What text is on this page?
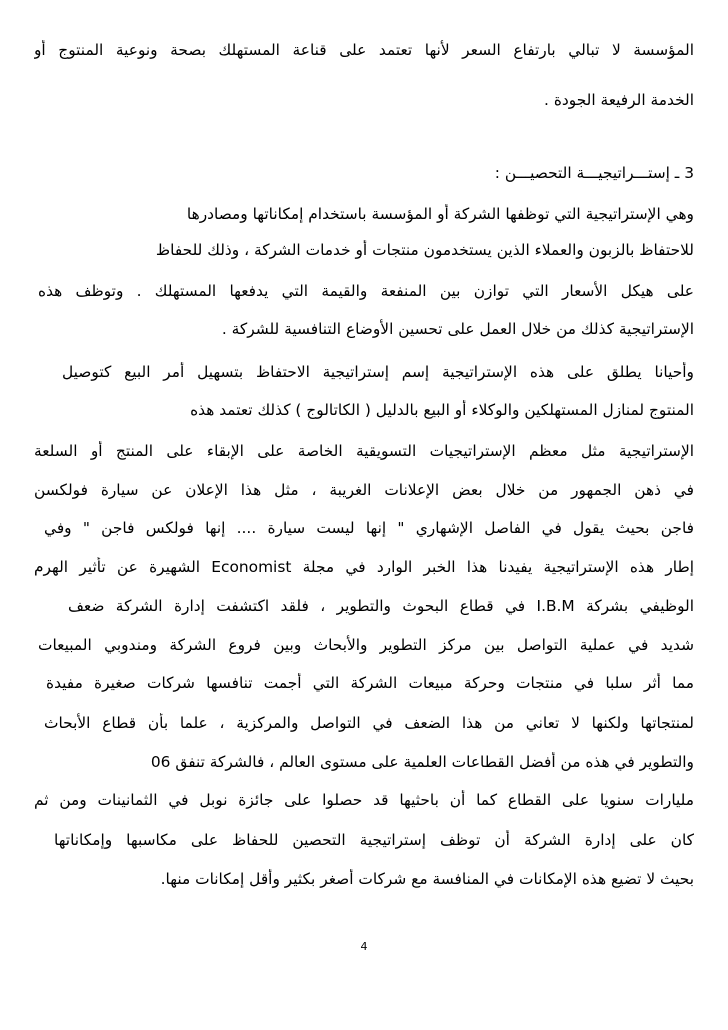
المؤسسة لا تبالي بارتفاع السعر لأنها تعتمد على قناعة المستهلك بصحة ونوعية المنتوج أو
الخدمة الرفيعة الجودة .
3 ـ إستـــراتيجيـــة التحصيـــن :
وهي الإستراتيجية التي توظفها الشركة أو المؤسسة باستخدام إمكاناتها ومصادرها
للاحتفاظ بالزبون والعملاء الذين يستخدمون منتجات أو خدمات الشركة ، وذلك للحفاظ
على هيكل الأسعار التي توازن بين المنفعة والقيمة التي يدفعها المستهلك . وتوظف هذه
الإستراتيجية كذلك من خلال العمل على تحسين الأوضاع التنافسية للشركة .
وأحيانا يطلق على هذه الإستراتيجية إسم إستراتيجية الاحتفاظ بتسهيل أمر البيع كتوصيل
المنتوج لمنازل المستهلكين والوكلاء أو البيع بالدليل ( الكاتالوج ) كذلك تعتمد هذه
الإستراتيجية مثل معظم الإستراتيجيات التسويقية الخاصة على الإبقاء على المنتج أو السلعة
في ذهن الجمهور من خلال بعض الإعلانات الغريبة ، مثل هذا الإعلان عن سيارة فولكسن
فاجن بحيث يقول في الفاصل الإشهاري " إنها ليست سيارة .... إنها فولكس فاجن " وفي
إطار هذه الإستراتيجية يفيدنا هذا الخبر الوارد في مجلة Economist الشهيرة عن تأثير الهرم
الوظيفي بشركة I.B.M في قطاع البحوث والتطوير ، فلقد اكتشفت إدارة الشركة ضعف
شديد في عملية التواصل بين مركز التطوير والأبحاث وبين فروع الشركة ومندوبي المبيعات
مما أثر سلبا في منتجات وحركة مبيعات الشركة التي أجمت تنافسها شركات صغيرة مفيدة
لمنتجاتها ولكنها لا تعاني من هذا الضعف في التواصل والمركزية ، علما بأن قطاع الأبحاث
والتطوير في هذه من أفضل القطاعات العلمية على مستوى العالم ، فالشركة تنفق 06
مليارات سنويا على القطاع كما أن باحثيها قد حصلوا على جائزة نوبل في الثمانينات ومن ثم
كان على إدارة الشركة أن توظف إستراتيجية التحصين للحفاظ على مكاسبها وإمكاناتها
بحيث لا تضيع هذه الإمكانات في المنافسة مع شركات أصغر بكثير وأقل إمكانات منها.
4
